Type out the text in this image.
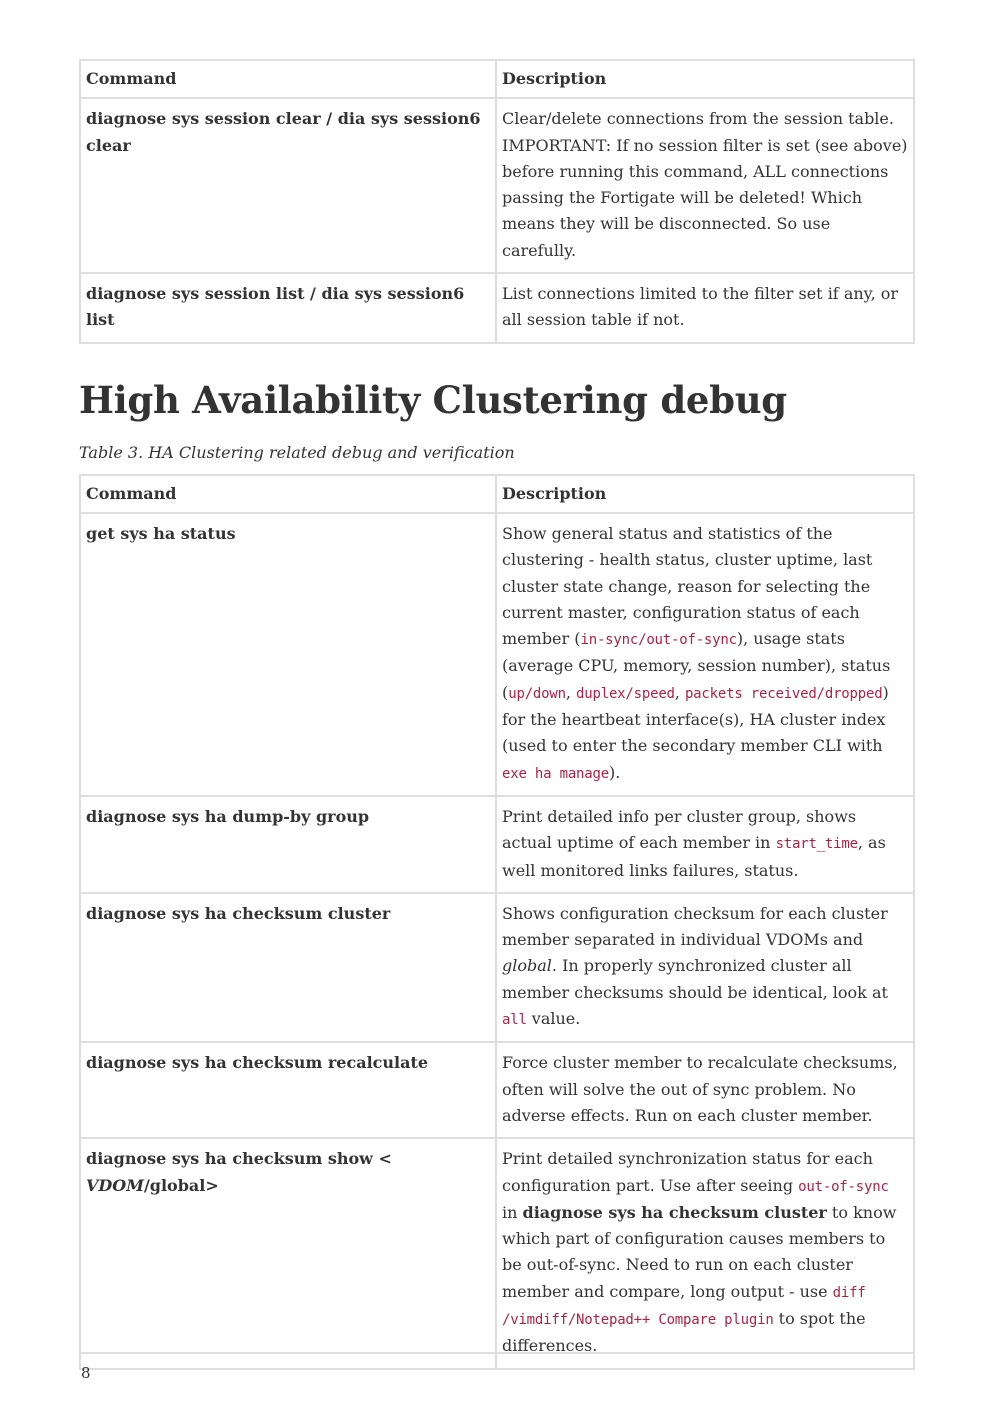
Command	Description
diagnose sys session clear / dia sys session6 clear	Clear/delete connections from the session table. IMPORTANT: If no session filter is set (see above) before running this command, ALL connections passing the Fortigate will be deleted! Which means they will be disconnected. So use carefully.
diagnose sys session list / dia sys session6 list	List connections limited to the filter set if any, or all session table if not.
High Availability Clustering debug
Table 3. HA Clustering related debug and verification
Command	Description
get sys ha status	Show general status and statistics of the clustering - health status, cluster uptime, last cluster state change, reason for selecting the current master, configuration status of each member (in-sync/out-of-sync), usage stats (average CPU, memory, session number), status (up/down, duplex/speed, packets received/dropped) for the heartbeat interface(s), HA cluster index (used to enter the secondary member CLI with exe ha manage).
diagnose sys ha dump-by group	Print detailed info per cluster group, shows actual uptime of each member in start_time, as well monitored links failures, status.
diagnose sys ha checksum cluster	Shows configuration checksum for each cluster member separated in individual VDOMs and global. In properly synchronized cluster all member checksums should be identical, look at all value.
diagnose sys ha checksum recalculate	Force cluster member to recalculate checksums, often will solve the out of sync problem. No adverse effects. Run on each cluster member.
diagnose sys ha checksum show <
VDOM/global>	Print detailed synchronization status for each configuration part. Use after seeing out-of-sync in diagnose sys ha checksum cluster to know which part of configuration causes members to be out-of-sync. Need to run on each cluster member and compare, long output - use diff /vimdiff/Notepad++ Compare plugin to spot the differences.
8
